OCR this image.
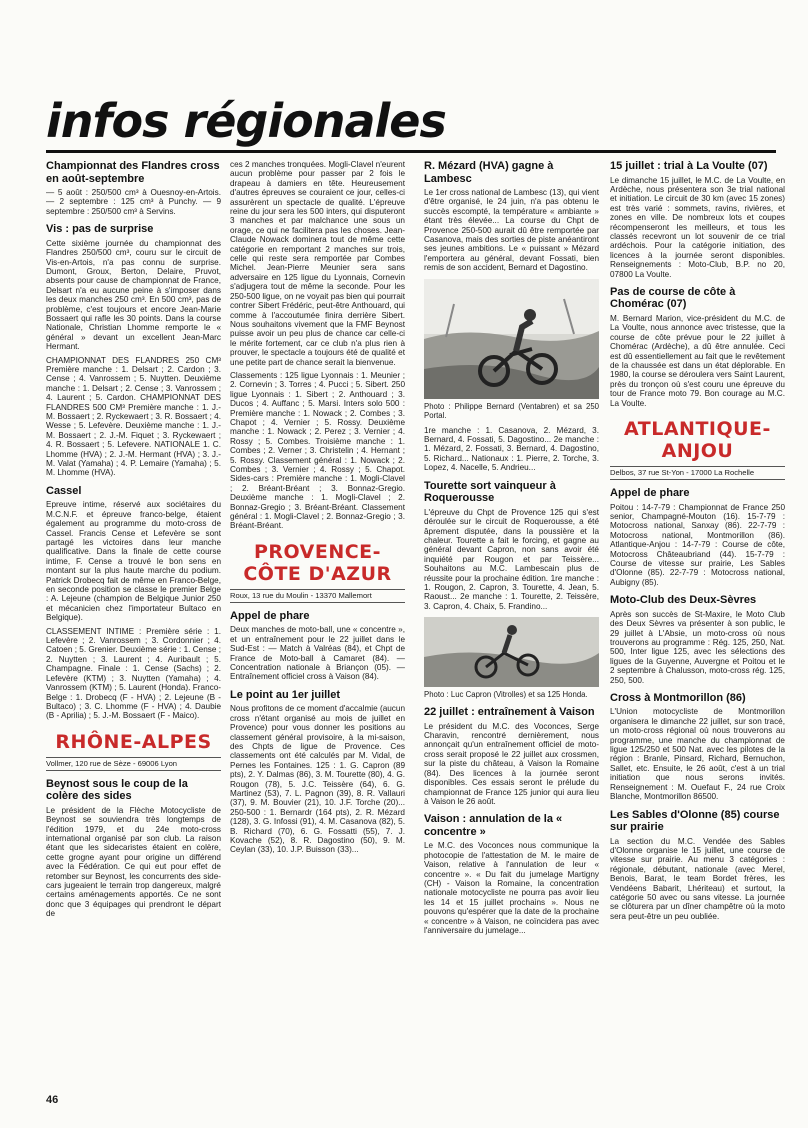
infos régionales
Championnat des Flandres cross en août-septembre

— 5 août : 250/500 cm³ à Ouesnoy-en-Artois. — 2 septembre : 125 cm³ à Punchy. — 9 septembre : 250/500 cm³ à Servins.

Vis : pas de surprise

Cette sixième journée du championnat des Flandres 250/500 cm³, couru sur le circuit de Vis-en-Artois, n'a pas connu de surprise. Dumont, Groux, Berton, Delaire, Pruvot, absents pour cause de championnat de France, Delsart n'a eu aucune peine à s'imposer dans les deux manches 250 cm³. En 500 cm³, pas de problème, c'est toujours et encore Jean-Marie Bossaert qui rafle les 30 points. Dans la course Nationale, Christian Lhomme remporte le « général » devant un excellent Jean-Marc Hermant.

CHAMPIONNAT DES FLANDRES 250 CM³ Première manche : 1. Delsart ; 2. Cardon ; 3. Cense ; 4. Vanrossem ; 5. Nuytten. Deuxième manche : 1. Delsart ; 2. Cense ; 3. Vanrossem ; 4. Laurent ; 5. Cardon. CHAMPIONNAT DES FLANDRES 500 CM³ Première manche : 1. J.-M. Bossaert ; 2. Ryckewaert ; 3. R. Bossaert ; 4. Wesse ; 5. Lefevère. Deuxième manche : 1. J.-M. Bossaert ; 2. J.-M. Fiquet ; 3. Ryckewaert ; 4. R. Bossaert ; 5. Lefevere. NATIONALE 1. C. Lhomme (HVA) ; 2. J.-M. Hermant (HVA) ; 3. J.-M. Valat (Yamaha) ; 4. P. Lemaire (Yamaha) ; 5. M. Lhomme (HVA).

Cassel

Epreuve intime, réservé aux sociétaires du M.C.N.F. et épreuve franco-belge, étaient également au programme du moto-cross de Cassel. Francis Cense et Lefevère se sont partagé les victoires dans leur manche qualificative. Dans la finale de cette course intime, F. Cense a trouvé le bon sens en montant sur la plus haute marche du podium. Patrick Drobecq fait de même en Franco-Belge, en seconde position se classe le premier Belge : A. Lejeune (champion de Belgique Junior 250 et mécanicien chez l'importateur Bultaco en Belgique).

CLASSEMENT INTIME : Première série : 1. Lefevère ; 2. Vanrossem ; 3. Cordonnier ; 4. Catoen ; 5. Grenier. Deuxième série : 1. Cense ; 2. Nuytten ; 3. Laurent ; 4. Auribault ; 5. Champagne. Finale : 1. Cense (Sachs) ; 2. Lefevère (KTM) ; 3. Nuytten (Yamaha) ; 4. Vanrossem (KTM) ; 5. Laurent (Honda). Franco-Belge : 1. Drobecq (F - HVA) ; 2. Lejeune (B - Bultaco) ; 3. C. Lhomme (F - HVA) ; 4. Daubie (B - Aprilia) ; 5. J.-M. Bossaert (F - Maico).

RHÔNE-ALPES
Vollmer, 120 rue de Sèze - 69006 Lyon
Beynost sous le coup de la colère des sides

Le président de la Flèche Motocycliste de Beynost se souviendra très longtemps de l'édition 1979, et du 24e moto-cross international organisé par son club. La raison étant que les sidecaristes étaient en colère, cette grogne ayant pour origine un différend avec la Fédération. Ce qui eut pour effet de retomber sur Beynost, les concurrents des side-cars jugeaient le terrain trop dangereux, malgré certains aménagements apportés. Ce ne sont donc que 3 équipages qui prendront le départ de

ces 2 manches tronquées. Mogli-Clavel n'eurent aucun problème pour passer par 2 fois le drapeau à damiers en tête. Heureusement d'autres épreuves se couraient ce jour, celles-ci assurèrent un spectacle de qualité. L'épreuve reine du jour sera les 500 inters, qui disputeront 3 manches et par malchance une sous un orage, ce qui ne facilitera pas les choses. Jean-Claude Nowack dominera tout de même cette catégorie en remportant 2 manches sur trois, celle qui reste sera remportée par Combes Michel. Jean-Pierre Meunier sera sans adversaire en 125 ligue du Lyonnais, Cornevin s'adjugera tout de même la seconde. Pour les 250-500 ligue, on ne voyait pas bien qui pourrait contrer Sibert Frédéric, peut-être Anthouard, qui comme à l'accoutumée finira derrière Sibert. Nous souhaitons vivement que la FMF Beynost puisse avoir un peu plus de chance car celle-ci le mérite fortement, car ce club n'a plus rien à prouver, le spectacle a toujours été de qualité et une petite part de chance serait la bienvenue.

Classements : 125 ligue Lyonnais : 1. Meunier ; 2. Cornevin ; 3. Torres ; 4. Pucci ; 5. Sibert. 250 ligue Lyonnais : 1. Sibert ; 2. Anthouard ; 3. Ducos ; 4. Auffanc ; 5. Marsi. Inters solo 500 : Première manche : 1. Nowack ; 2. Combes ; 3. Chapot ; 4. Vernier ; 5. Rossy. Deuxième manche : 1. Nowack ; 2. Perez ; 3. Vernier ; 4. Rossy ; 5. Combes. Troisième manche : 1. Combes ; 2. Verner ; 3. Christelin ; 4. Hernant ; 5. Rossy. Classement général : 1. Nowack ; 2. Combes ; 3. Vernier ; 4. Rossy ; 5. Chapot. Sides-cars : Première manche : 1. Mogli-Clavel ; 2. Bréant-Bréant ; 3. Bonnaz-Gregio. Deuxième manche : 1. Mogli-Clavel ; 2. Bonnaz-Gregio ; 3. Bréant-Bréant. Classement général : 1. Mogli-Clavel ; 2. Bonnaz-Gregio ; 3. Bréant-Bréant.

PROVENCE-CÔTE D'AZUR
Roux, 13 rue du Moulin - 13370 Mallemort
Appel de phare

Deux manches de moto-ball, une « concentre », et un entraînement pour le 22 juillet dans le Sud-Est : — Match à Valréas (84), et Chpt de France de Moto-ball à Camaret (84). — Concentration nationale à Briançon (05). — Entraînement officiel cross à Vaison (84).

Le point au 1er juillet

Nous profitons de ce moment d'accalmie (aucun cross n'étant organisé au mois de juillet en Provence) pour vous donner les positions au classement général provisoire, à la mi-saison, des Chpts de ligue de Provence. Ces classements ont été calculés par M. Vidal, de Pernes les Fontaines. 125 : 1. G. Capron (89 pts), 2. Y. Dalmas (86), 3. M. Tourette (80), 4. G. Rougon (78), 5. J.C. Teissère (64), 6. G. Martinez (53), 7. L. Pagnon (39), 8. R. Vallauri (37), 9. M. Bouvier (21), 10. J.F. Torche (20)... 250-500 : 1. Bernardr (164 pts), 2. R. Mézard (128), 3. G. Infossi (91), 4. M. Casanova (82), 5. B. Richard (70), 6. G. Fossatti (55), 7. J. Kovache (52), 8. R. Dagostino (50), 9. M. Ceylan (33), 10. J.P. Buisson (33)...

R. Mézard (HVA) gagne à Lambesc

Le 1er cross national de Lambesc (13), qui vient d'être organisé, le 24 juin, n'a pas obtenu le succès escompté, la température « ambiante » étant très élevée... La course du Chpt de Provence 250-500 aurait dû être remportée par Casanova, mais des sorties de piste anéantiront ses jeunes ambitions. Le « puissant » Mézard l'emportera au général, devant Fossati, bien remis de son accident, Bernard et Dagostino.

Photo : Philippe Bernard (Ventabren) et sa 250 Portal.

1re manche : 1. Casanova, 2. Mézard, 3. Bernard, 4. Fossati, 5. Dagostino... 2e manche : 1. Mézard, 2. Fossati, 3. Bernard, 4. Dagostino, 5. Richard... Nationaux : 1. Pierre, 2. Torche, 3. Lopez, 4. Nacelle, 5. Andrieu...

Tourette sort vainqueur à Roquerousse

L'épreuve du Chpt de Provence 125 qui s'est déroulée sur le circuit de Roquerousse, a été âprement disputée, dans la poussière et la chaleur. Tourette a fait le forcing, et gagne au général devant Capron, non sans avoir été inquiété par Rougon et par Teissère... Souhaitons au M.C. Lambescain plus de réussite pour la prochaine édition. 1re manche : 1. Rougon, 2. Capron, 3. Tourette, 4. Jean, 5. Raoust... 2e manche : 1. Tourette, 2. Teissère, 3. Capron, 4. Chaix, 5. Frandino...

Photo : Luc Capron (Vitrolles) et sa 125 Honda.

22 juillet : entraînement à Vaison

Le président du M.C. des Voconces, Serge Charavin, rencontré dernièrement, nous annonçait qu'un entraînement officiel de moto-cross serait proposé le 22 juillet aux crossmen, sur la piste du château, à Vaison la Romaine (84). Des licences à la journée seront disponibles. Ces essais seront le prélude du championnat de France 125 junior qui aura lieu à Vaison le 26 août.

Vaison : annulation de la « concentre »

Le M.C. des Voconces nous communique la photocopie de l'attestation de M. le maire de Vaison, relative à l'annulation de leur « concentre ». « Du fait du jumelage Martigny (CH) - Vaison la Romaine, la concentration nationale motocycliste ne pourra pas avoir lieu les 14 et 15 juillet prochains ». Nous ne pouvons qu'espérer que la date de la prochaine « concentre » à Vaison, ne coïncidera pas avec l'anniversaire du jumelage...

15 juillet : trial à La Voulte (07)

Le dimanche 15 juillet, le M.C. de La Voulte, en Ardèche, nous présentera son 3e trial national et initiation. Le circuit de 30 km (avec 15 zones) est très varié : sommets, ravins, rivières, et zones en ville. De nombreux lots et coupes récompenseront les meilleurs, et tous les classés recevront un lot souvenir de ce trial ardéchois. Pour la catégorie initiation, des licences à la journée seront disponibles. Renseignements : Moto-Club, B.P. no 20, 07800 La Voulte.

Pas de course de côte à Chomérac (07)

M. Bernard Marion, vice-président du M.C. de La Voulte, nous annonce avec tristesse, que la course de côte prévue pour le 22 juillet à Chomérac (Ardèche), a dû être annulée. Ceci est dû essentiellement au fait que le revêtement de la chaussée est dans un état déplorable. En 1980, la course se déroulera vers Saint Laurent, près du tronçon où s'est couru une épreuve du tour de France moto 79. Bon courage au M.C. La Voulte.

ATLANTIQUE-ANJOU
Delbos, 37 rue St-Yon - 17000 La Rochelle
Appel de phare

Poitou : 14-7-79 : Championnat de France 250 senior, Champagné-Mouton (16). 15-7-79 : Motocross national, Sanxay (86). 22-7-79 : Motocross national, Montmorillon (86). Atlantique-Anjou : 14-7-79 : Course de côte, Motocross Châteaubriand (44). 15-7-79 : Course de vitesse sur prairie, Les Sables d'Olonne (85). 22-7-79 : Motocross national, Aubigny (85).

Moto-Club des Deux-Sèvres

Après son succès de St-Maxire, le Moto Club des Deux Sèvres va présenter à son public, le 29 juillet à L'Absie, un moto-cross où nous trouverons au programme : Rég. 125, 250, Nat. 500, Inter ligue 125, avec les sélections des ligues de la Guyenne, Auvergne et Poitou et le 2 septembre à Chalusson, moto-cross rég. 125, 250, 500.

Cross à Montmorillon (86)

L'Union motocycliste de Montmorillon organisera le dimanche 22 juillet, sur son tracé, un moto-cross régional où nous trouverons au programme, une manche du championnat de ligue 125/250 et 500 Nat. avec les pilotes de la région : Branle, Pinsard, Richard, Bernuchon, Sallet, etc. Ensuite, le 26 août, c'est à un trial initiation que nous serons invités. Renseignement : M. Ouefaut F., 24 rue Croix Blanche, Montmorillon 86500.

Les Sables d'Olonne (85) course sur prairie

La section du M.C. Vendée des Sables d'Olonne organise le 15 juillet, une course de vitesse sur prairie. Au menu 3 catégories : régionale, débutant, nationale (avec Merel, Benois, Barat, le team Bordet frères, les Vendéens Babarit, Lhériteau) et surtout, la catégorie 50 avec ou sans vitesse. La journée se clôturera par un dîner champêtre où la moto sera peut-être un peu oubliée.

46
